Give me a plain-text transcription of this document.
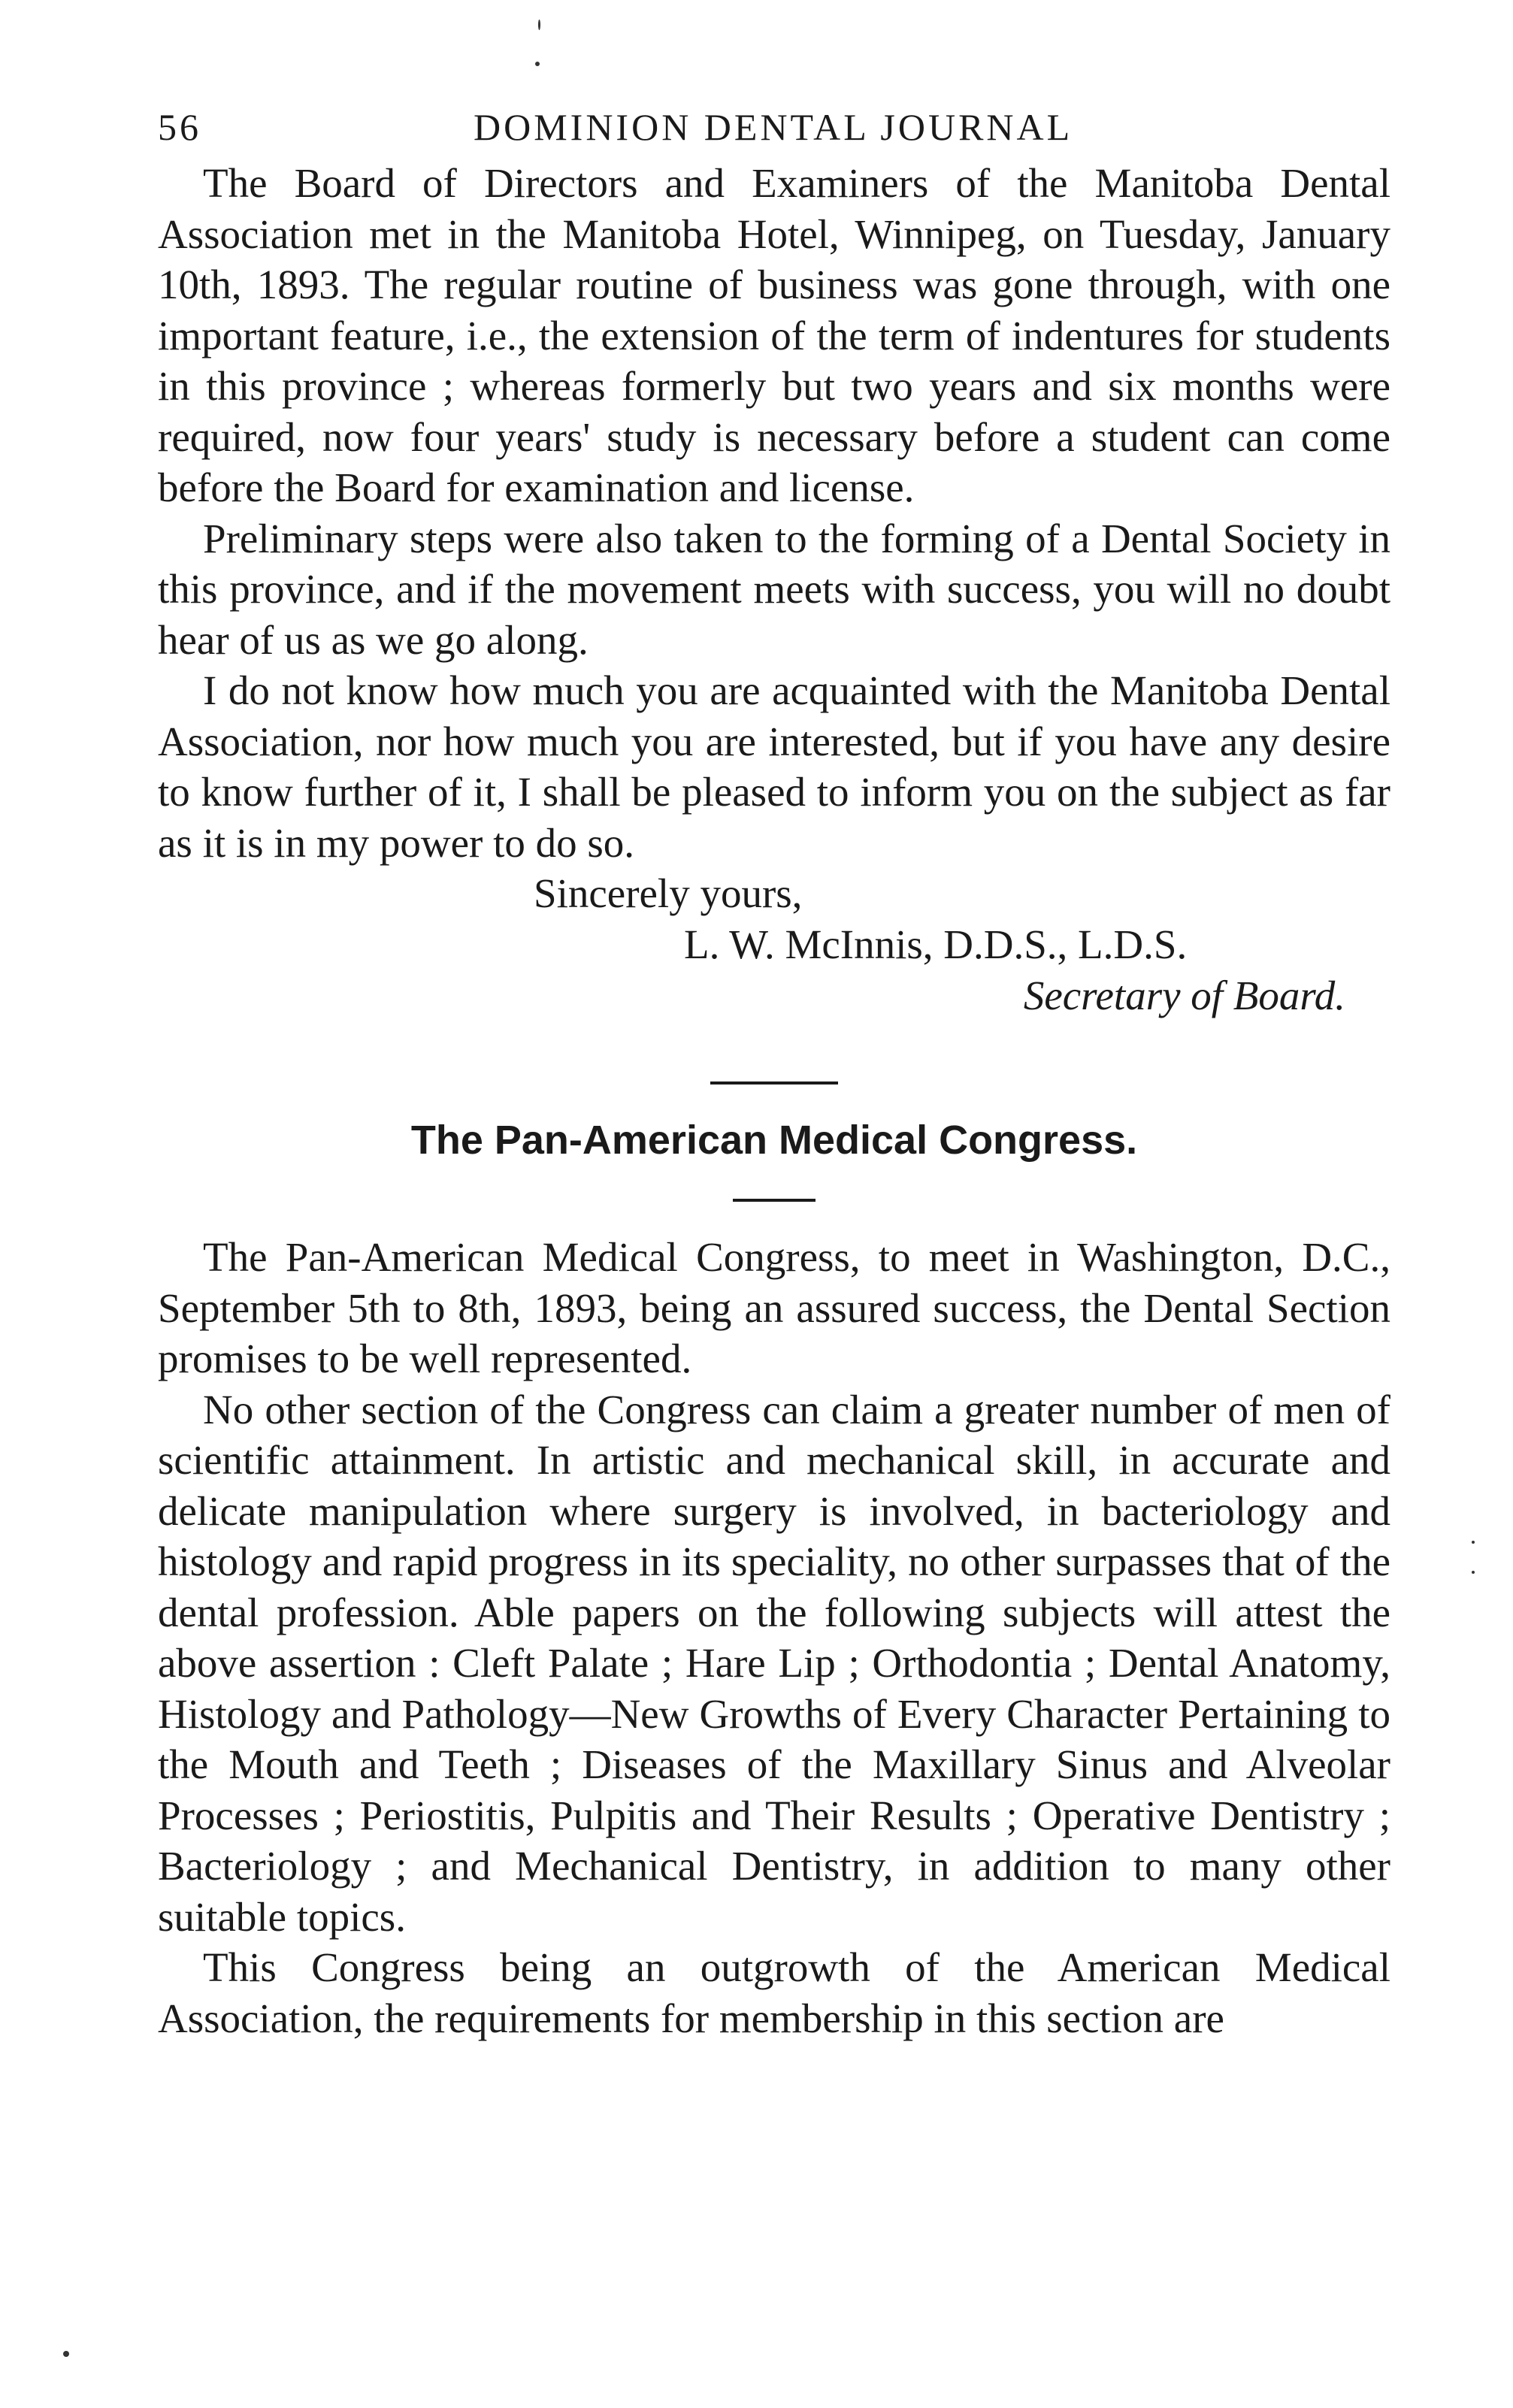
56	DOMINION DENTAL JOURNAL

The Board of Directors and Examiners of the Manitoba Dental Association met in the Manitoba Hotel, Winnipeg, on Tuesday, January 10th, 1893. The regular routine of business was gone through, with one important feature, i.e., the extension of the term of indentures for students in this province ; whereas formerly but two years and six months were required, now four years' study is necessary before a student can come before the Board for examination and license.

Preliminary steps were also taken to the forming of a Dental Society in this province, and if the movement meets with success, you will no doubt hear of us as we go along.

I do not know how much you are acquainted with the Manitoba Dental Association, nor how much you are interested, but if you have any desire to know further of it, I shall be pleased to inform you on the subject as far as it is in my power to do so.

Sincerely yours,
L. W. McInnis, D.D.S., L.D.S.
Secretary of Board.
The Pan-American Medical Congress.

The Pan-American Medical Congress, to meet in Washington, D.C., September 5th to 8th, 1893, being an assured success, the Dental Section promises to be well represented.

No other section of the Congress can claim a greater number of men of scientific attainment. In artistic and mechanical skill, in accurate and delicate manipulation where surgery is involved, in bacteriology and histology and rapid progress in its speciality, no other surpasses that of the dental profession. Able papers on the following subjects will attest the above assertion : Cleft Palate ; Hare Lip ; Orthodontia ; Dental Anatomy, Histology and Pathology—New Growths of Every Character Pertaining to the Mouth and Teeth ; Diseases of the Maxillary Sinus and Alveolar Processes ; Periostitis, Pulpitis and Their Results ; Operative Dentistry ; Bacteriology ; and Mechanical Dentistry, in addition to many other suitable topics.

This Congress being an outgrowth of the American Medical Association, the requirements for membership in this section are
